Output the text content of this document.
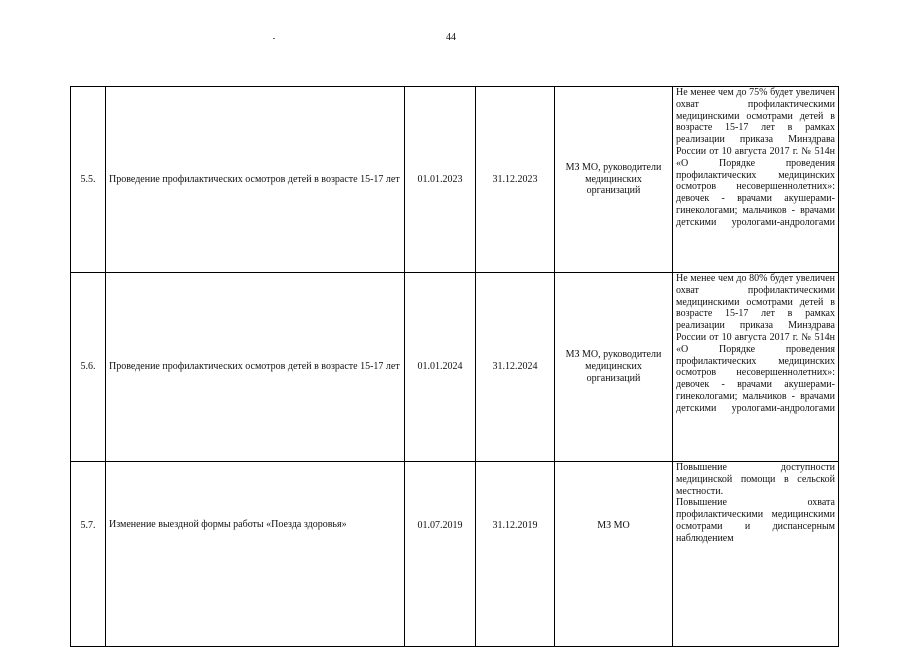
44
5.5.	Проведение профилактических осмотров детей в возрасте 15-17 лет	01.01.2023	31.12.2023	МЗ МО, руководители медицинских организаций	Не менее чем до 75% будет увеличен охват профилактическими медицинскими осмотрами детей в возрасте 15-17 лет в рамках реализации приказа Минздрава России от 10 августа 2017 г. № 514н «О Порядке проведения профилактических медицинских осмотров несовершеннолетних»: девочек - врачами акушерами-гинекологами; мальчиков - врачами детскими урологами-андрологами
5.6.	Проведение профилактических осмотров детей в возрасте 15-17 лет	01.01.2024	31.12.2024	МЗ МО, руководители медицинских организаций	Не менее чем до 80% будет увеличен охват профилактическими медицинскими осмотрами детей в возрасте 15-17 лет в рамках реализации приказа Минздрава России от 10 августа 2017 г. № 514н «О Порядке проведения профилактических медицинских осмотров несовершеннолетних»: девочек - врачами акушерами-гинекологами; мальчиков - врачами детскими урологами-андрологами
5.7.	Изменение выездной формы работы «Поезда здоровья»	01.07.2019	31.12.2019	МЗ МО	Повышение доступности медицинской помощи в сельской местности.
Повышение охвата профилактическими медицинскими осмотрами и диспансерным наблюдением
